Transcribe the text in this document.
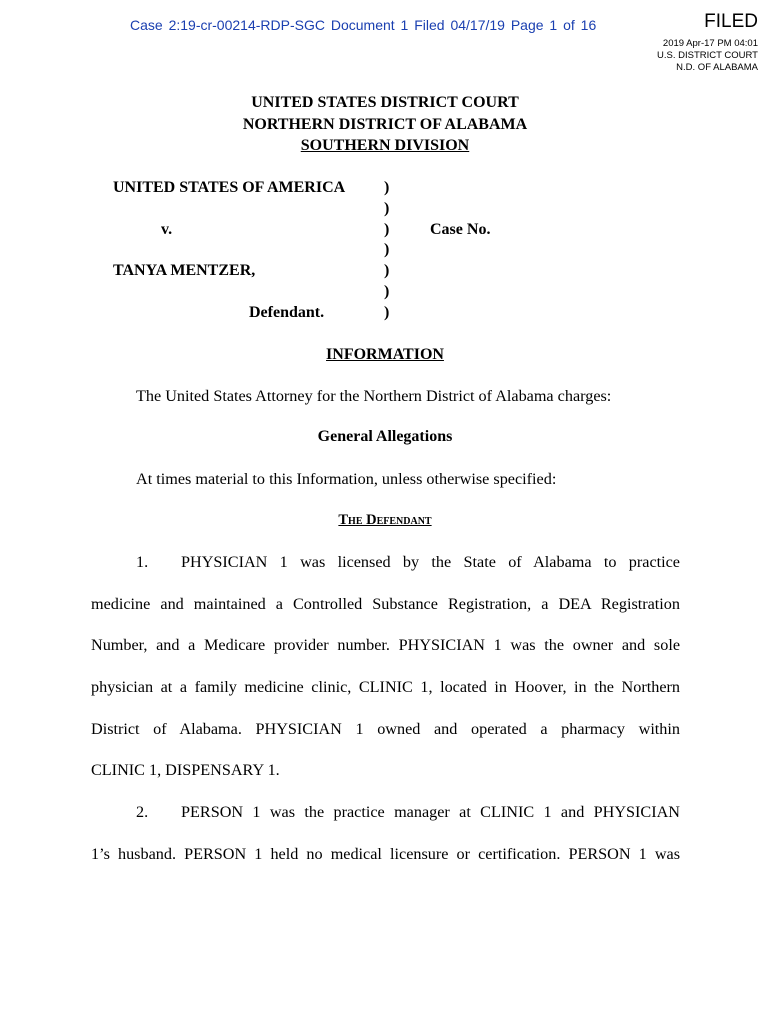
Case 2:19-cr-00214-RDP-SGC Document 1 Filed 04/17/19 Page 1 of 16	FILED
2019 Apr-17 PM 04:01
U.S. DISTRICT COURT
N.D. OF ALABAMA
UNITED STATES DISTRICT COURT
NORTHERN DISTRICT OF ALABAMA
SOUTHERN DIVISION
UNITED STATES OF AMERICA
v.
TANYA MENTZER,
Defendant.
Case No.
)
)
)
)
)
)
)
INFORMATION
The United States Attorney for the Northern District of Alabama charges:
General Allegations
At times material to this Information, unless otherwise specified:
The Defendant
1. PHYSICIAN 1 was licensed by the State of Alabama to practice
medicine and maintained a Controlled Substance Registration, a DEA Registration
Number, and a Medicare provider number. PHYSICIAN 1 was the owner and sole
physician at a family medicine clinic, CLINIC 1, located in Hoover, in the Northern
District of Alabama. PHYSICIAN 1 owned and operated a pharmacy within
CLINIC 1, DISPENSARY 1.
2. PERSON 1 was the practice manager at CLINIC 1 and PHYSICIAN
1’s husband. PERSON 1 held no medical licensure or certification. PERSON 1 was
